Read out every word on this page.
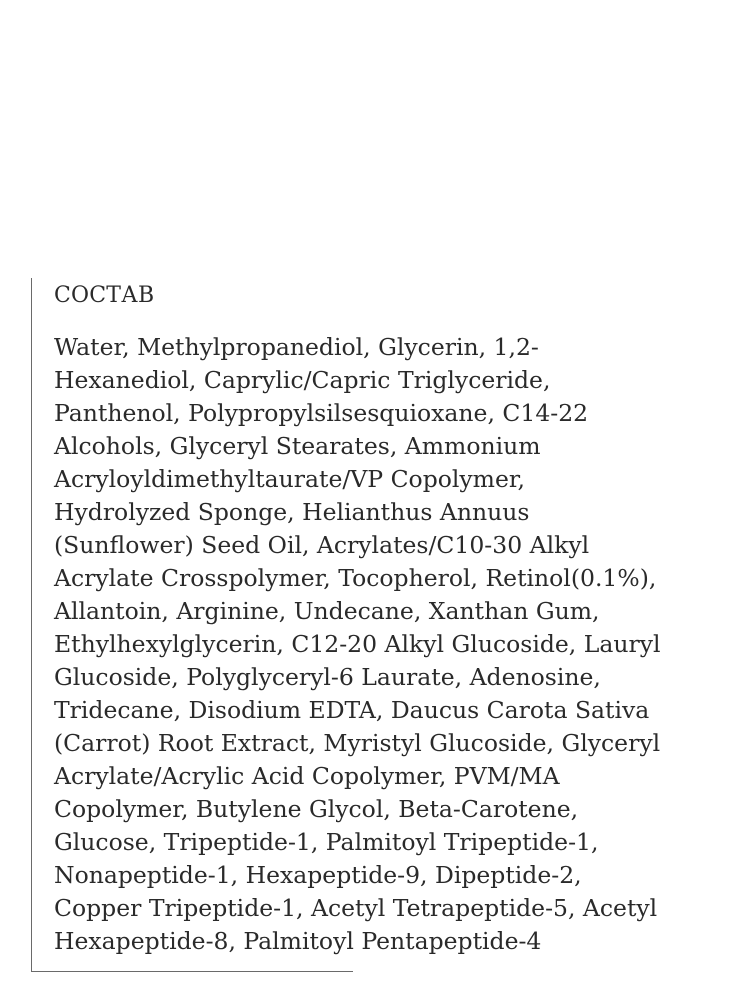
СОСТАВ
Water, Methylpropanediol, Glycerin, 1,2-
Hexanediol, Caprylic/Capric Triglyceride,
Panthenol, Polypropylsilsesquioxane, C14-22
Alcohols, Glyceryl Stearates, Ammonium
Acryloyldimethyltaurate/VP Copolymer,
Hydrolyzed Sponge, Helianthus Annuus
(Sunflower) Seed Oil, Acrylates/C10-30 Alkyl
Acrylate Crosspolymer, Tocopherol, Retinol(0.1%),
Allantoin, Arginine, Undecane, Xanthan Gum,
Ethylhexylglycerin, C12-20 Alkyl Glucoside, Lauryl
Glucoside, Polyglyceryl-6 Laurate, Adenosine,
Tridecane, Disodium EDTA, Daucus Carota Sativa
(Carrot) Root Extract, Myristyl Glucoside, Glyceryl
Acrylate/Acrylic Acid Copolymer, PVM/MA
Copolymer, Butylene Glycol, Beta-Carotene,
Glucose, Tripeptide-1, Palmitoyl Tripeptide-1,
Nonapeptide-1, Hexapeptide-9, Dipeptide-2,
Copper Tripeptide-1, Acetyl Tetrapeptide-5, Acetyl
Hexapeptide-8, Palmitoyl Pentapeptide-4
